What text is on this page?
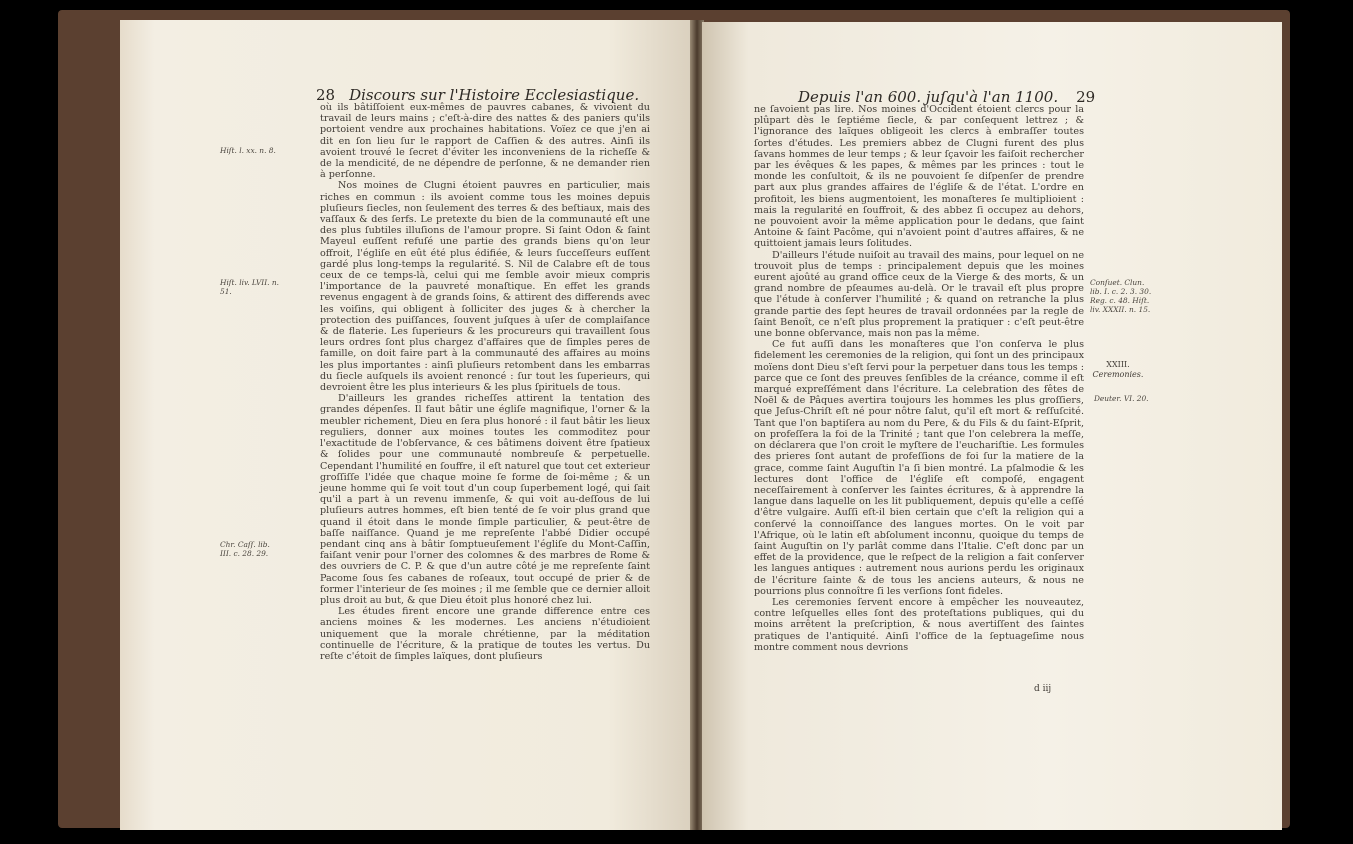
28 Discours sur l'Histoire Ecclesiastique.

où ils bâtiſſoient eux-mêmes de pauvres cabanes, & vivoient du travail de leurs mains ; c'eſt-à-dire des nattes & des paniers qu'ils portoient vendre aux prochaines habitations. Voïez ce que j'en ai dit en ſon lieu ſur le rapport de Caſſien & des autres. Ainſi ils avoient trouvé le ſecret d'éviter les inconveniens de la richeſſe & de la mendicité, de ne dépendre de perſonne, & ne demander rien à perſonne.

Nos moines de Clugni étoient pauvres en particulier, mais riches en commun : ils avoient comme tous les moines depuis pluſieurs ſiecles, non ſeulement des terres & des beſtiaux, mais des vaſſaux & des ſerfs. Le pretexte du bien de la communauté eſt une des plus ſubtiles illuſions de l'amour propre. Si ſaint Odon & ſaint Mayeul euſſent refuſé une partie des grands biens qu'on leur offroit, l'égliſe en eût été plus édifiée, & leurs ſucceſſeurs euſſent gardé plus long-temps la regularité. S. Nil de Calabre eſt de tous ceux de ce temps-là, celui qui me ſemble avoir mieux compris l'importance de la pauvreté monaſtique. En effet les grands revenus engagent à de grands ſoins, & attirent des differends avec les voiſins, qui obligent à ſolliciter des juges & à chercher la protection des puiſſances, ſouvent juſques à uſer de complaiſance & de flaterie. Les ſuperieurs & les procureurs qui travaillent ſous leurs ordres ſont plus chargez d'affaires que de ſimples peres de famille, on doit faire part à la communauté des affaires au moins les plus importantes : ainſi pluſieurs retombent dans les embarras du ſiecle auſquels ils avoient renoncé : ſur tout les ſuperieurs, qui devroient être les plus interieurs & les plus ſpirituels de tous.

D'ailleurs les grandes richeſſes attirent la tentation des grandes dépenſes. Il faut bâtir une égliſe magnifique, l'orner & la meubler richement, Dieu en ſera plus honoré : il faut bâtir les lieux reguliers, donner aux moines toutes les commoditez pour l'exactitude de l'obſervance, & ces bâtimens doivent être ſpatieux & ſolides pour une communauté nombreuſe & perpetuelle. Cependant l'humilité en ſouffre, il eſt naturel que tout cet exterieur groſſiſſe l'idée que chaque moine ſe forme de ſoi-même ; & un jeune homme qui ſe voit tout d'un coup ſuperbement logé, qui ſait qu'il a part à un revenu immenſe, & qui voit au-deſſous de lui pluſieurs autres hommes, eſt bien tenté de ſe voir plus grand que quand il étoit dans le monde ſimple particulier, & peut-être de baſſe naiſſance. Quand je me repreſente l'abbé Didier occupé pendant cinq ans à bâtir ſomptueuſement l'égliſe du Mont-Caſſin, faiſant venir pour l'orner des colomnes & des marbres de Rome & des ouvriers de C. P. & que d'un autre côté je me repreſente ſaint Pacome ſous ſes cabanes de roſeaux, tout occupé de prier & de former l'interieur de ſes moines ; il me ſemble que ce dernier alloit plus droit au but, & que Dieu étoit plus honoré chez lui.

Les études firent encore une grande difference entre ces anciens moines & les modernes. Les anciens n'étudioient uniquement que la morale chrétienne, par la méditation continuelle de l'écriture, & la pratique de toutes les vertus. Du reſte c'étoit de ſimples laïques, dont pluſieurs

Hiſt. l. xx. n. 8.
Hiſt. liv. LVII. n. 51.
Chr. Caſſ. lib. III. c. 28. 29.
Depuis l'an 600. juſqu'à l'an 1100. 29

ne ſavoient pas lire. Nos moines d'Occident étoient clercs pour la plûpart dès le ſeptiéme ſiecle, & par conſequent lettrez ; & l'ignorance des laïques obligeoit les clercs à embraſſer toutes ſortes d'études. Les premiers abbez de Clugni furent des plus ſavans hommes de leur temps ; & leur ſçavoir les faiſoit rechercher par les évêques & les papes, & mêmes par les princes : tout le monde les conſultoit, & ils ne pouvoient ſe diſpenſer de prendre part aux plus grandes affaires de l'égliſe & de l'état. L'ordre en profitoit, les biens augmentoient, les monaſteres ſe multiplioient : mais la regularité en ſouffroit, & des abbez ſi occupez au dehors, ne pouvoient avoir la même application pour le dedans, que ſaint Antoine & ſaint Pacôme, qui n'avoient point d'autres affaires, & ne quittoient jamais leurs ſolitudes.

D'ailleurs l'étude nuiſoit au travail des mains, pour lequel on ne trouvoit plus de temps : principalement depuis que les moines eurent ajoûté au grand office ceux de la Vierge & des morts, & un grand nombre de pſeaumes au-delà. Or le travail eſt plus propre que l'étude à conſerver l'humilité ; & quand on retranche la plus grande partie des ſept heures de travail ordonnées par la regle de ſaint Benoît, ce n'eſt plus proprement la pratiquer : c'eſt peut-être une bonne obſervance, mais non pas la même.

Ce fut auſſi dans les monaſteres que l'on conſerva le plus fidelement les ceremonies de la religion, qui ſont un des principaux moïens dont Dieu s'eſt ſervi pour la perpetuer dans tous les temps : parce que ce ſont des preuves ſenſibles de la créance, comme il eſt marqué expreſſément dans l'écriture. La celebration des fêtes de Noël & de Pâques avertira toujours les hommes les plus groſſiers, que Jeſus-Chriſt eſt né pour nôtre ſalut, qu'il eſt mort & reſſuſcité. Tant que l'on baptiſera au nom du Pere, & du Fils & du ſaint-Eſprit, on profeſſera la foi de la Trinité ; tant que l'on celebrera la meſſe, on déclarera que l'on croit le myſtere de l'euchariſtie. Les formules des prieres ſont autant de profeſſions de foi ſur la matiere de la grace, comme ſaint Auguſtin l'a ſi bien montré. La pſalmodie & les lectures dont l'office de l'égliſe eſt compoſé, engagent neceſſairement à conſerver les ſaintes écritures, & à apprendre la langue dans laquelle on les lit publiquement, depuis qu'elle a ceſſé d'être vulgaire. Auſſi eſt-il bien certain que c'eſt la religion qui a conſervé la connoiſſance des langues mortes. On le voit par l'Afrique, où le latin eſt abſolument inconnu, quoique du temps de ſaint Auguſtin on l'y parlât comme dans l'Italie. C'eſt donc par un effet de la providence, que le reſpect de la religion a fait conſerver les langues antiques : autrement nous aurions perdu les originaux de l'écriture ſainte & de tous les anciens auteurs, & nous ne pourrions plus connoître ſi les verſions ſont fideles.

Les ceremonies ſervent encore à empêcher les nouveautez, contre leſquelles elles ſont des proteſtations publiques, qui du moins arrêtent la preſcription, & nous avertiſſent des ſaintes pratiques de l'antiquité. Ainſi l'office de la ſeptuageſime nous montre comment nous devrions

Conſuet. Clun. lib. I. c. 2. 3. 30. Reg. c. 48. Hiſt. liv. XXXII. n. 15.
XXIII.
Ceremonies.
Deuter. VI. 20.
d iij
